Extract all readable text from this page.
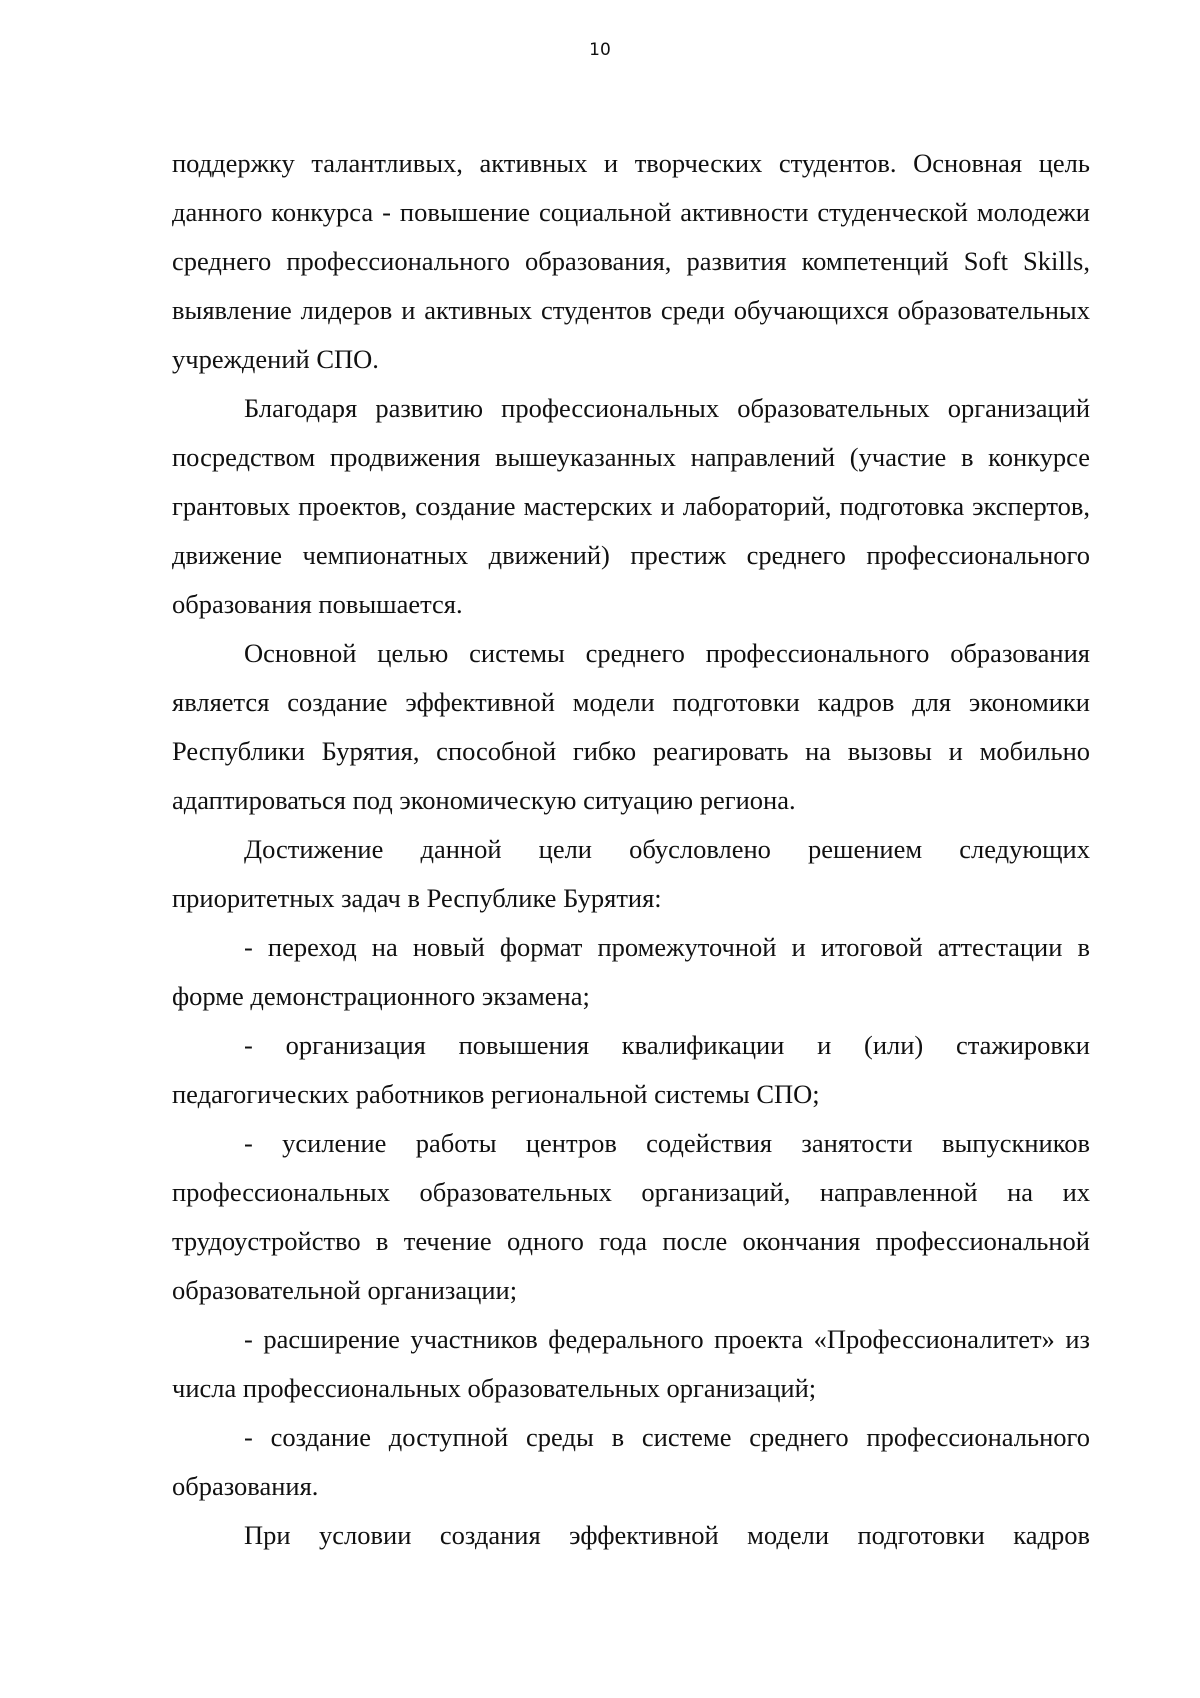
10

поддержку талантливых, активных и творческих студентов. Основная цель данного конкурса - повышение социальной активности студенческой молодежи среднего профессионального образования, развития компетенций Soft Skills, выявление лидеров и активных студентов среди обучающихся образовательных учреждений СПО.

Благодаря развитию профессиональных образовательных организаций посредством продвижения вышеуказанных направлений (участие в конкурсе грантовых проектов, создание мастерских и лабораторий, подготовка экспертов, движение чемпионатных движений) престиж среднего профессионального образования повышается.

Основной целью системы среднего профессионального образования является создание эффективной модели подготовки кадров для экономики Республики Бурятия, способной гибко реагировать на вызовы и мобильно адаптироваться под экономическую ситуацию региона.

Достижение данной цели обусловлено решением следующих приоритетных задач в Республике Бурятия:

- переход на новый формат промежуточной и итоговой аттестации в форме демонстрационного экзамена;

- организация повышения квалификации и (или) стажировки педагогических работников региональной системы СПО;

- усиление работы центров содействия занятости выпускников профессиональных образовательных организаций, направленной на их трудоустройство в течение одного года после окончания профессиональной образовательной организации;

- расширение участников федерального проекта «Профессионалитет» из числа профессиональных образовательных организаций;

- создание доступной среды в системе среднего профессионального образования.

При условии создания эффективной модели подготовки кадров
